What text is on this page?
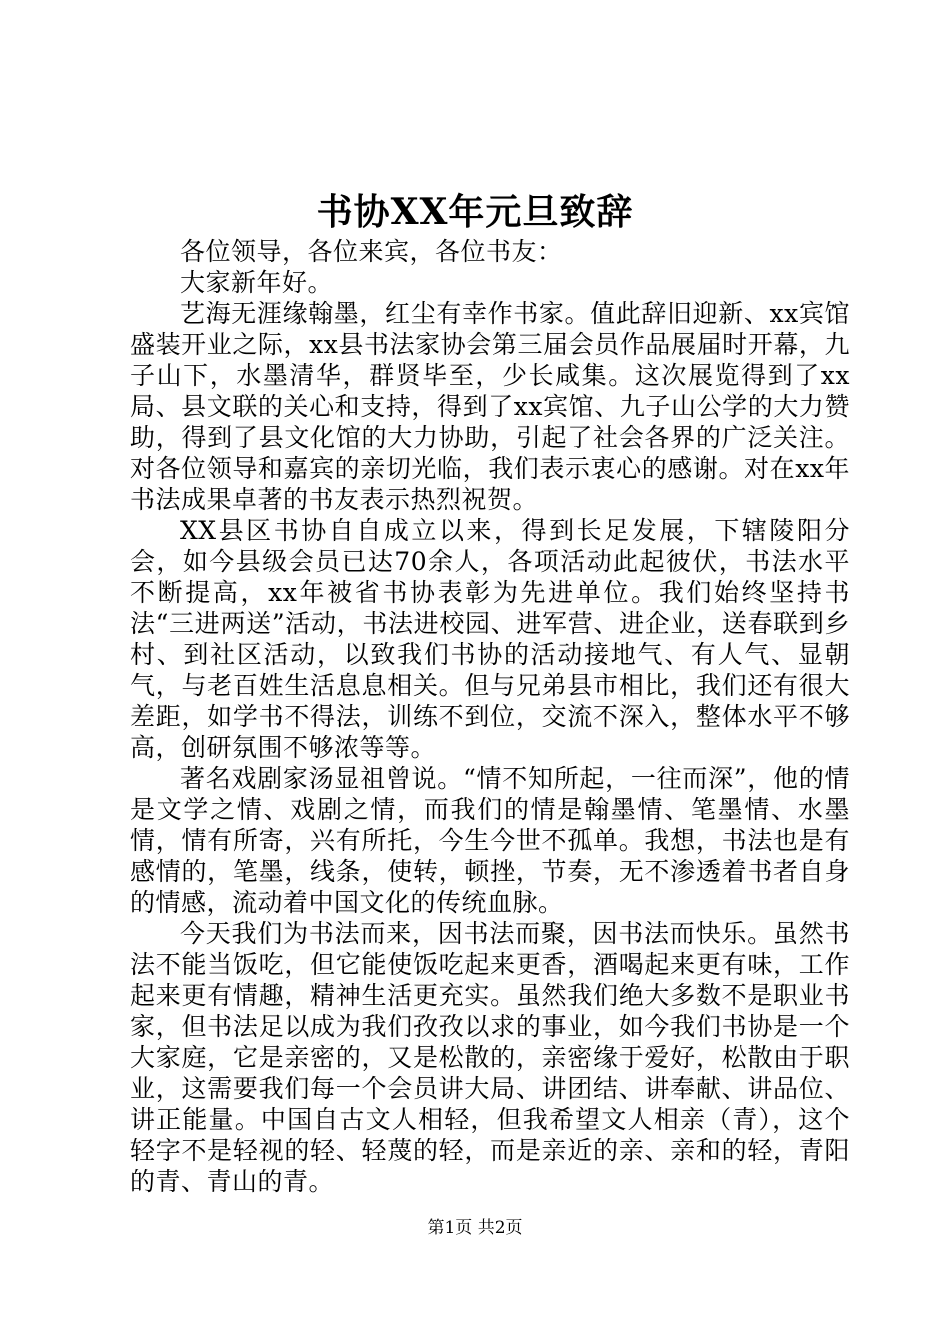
书协XX年元旦致辞

各位领导，各位来宾，各位书友：

大家新年好。

艺海无涯缘翰墨，红尘有幸作书家。值此辞旧迎新、xx宾馆盛装开业之际，xx县书法家协会第三届会员作品展届时开幕，九子山下，水墨清华，群贤毕至，少长咸集。这次展览得到了xx局、县文联的关心和支持，得到了xx宾馆、九子山公学的大力赞助，得到了县文化馆的大力协助，引起了社会各界的广泛关注。对各位领导和嘉宾的亲切光临，我们表示衷心的感谢。对在xx年书法成果卓著的书友表示热烈祝贺。

XX县区书协自自成立以来，得到长足发展，下辖陵阳分会，如今县级会员已达70余人，各项活动此起彼伏，书法水平不断提高，xx年被省书协表彰为先进单位。我们始终坚持书法“三进两送”活动，书法进校园、进军营、进企业，送春联到乡村、到社区活动，以致我们书协的活动接地气、有人气、显朝气，与老百姓生活息息相关。但与兄弟县市相比，我们还有很大差距，如学书不得法，训练不到位，交流不深入，整体水平不够高，创研氛围不够浓等等。

著名戏剧家汤显祖曾说。“情不知所起，一往而深”，他的情是文学之情、戏剧之情，而我们的情是翰墨情、笔墨情、水墨情，情有所寄，兴有所托，今生今世不孤单。我想，书法也是有感情的，笔墨，线条，使转，顿挫，节奏，无不渗透着书者自身的情感，流动着中国文化的传统血脉。

今天我们为书法而来，因书法而聚，因书法而快乐。虽然书法不能当饭吃，但它能使饭吃起来更香，酒喝起来更有味，工作起来更有情趣，精神生活更充实。虽然我们绝大多数不是职业书家，但书法足以成为我们孜孜以求的事业，如今我们书协是一个大家庭，它是亲密的，又是松散的，亲密缘于爱好，松散由于职业，这需要我们每一个会员讲大局、讲团结、讲奉献、讲品位、讲正能量。中国自古文人相轻，但我希望文人相亲（青），这个轻字不是轻视的轻、轻蔑的轻，而是亲近的亲、亲和的轻，青阳的青、青山的青。

第1页 共2页
